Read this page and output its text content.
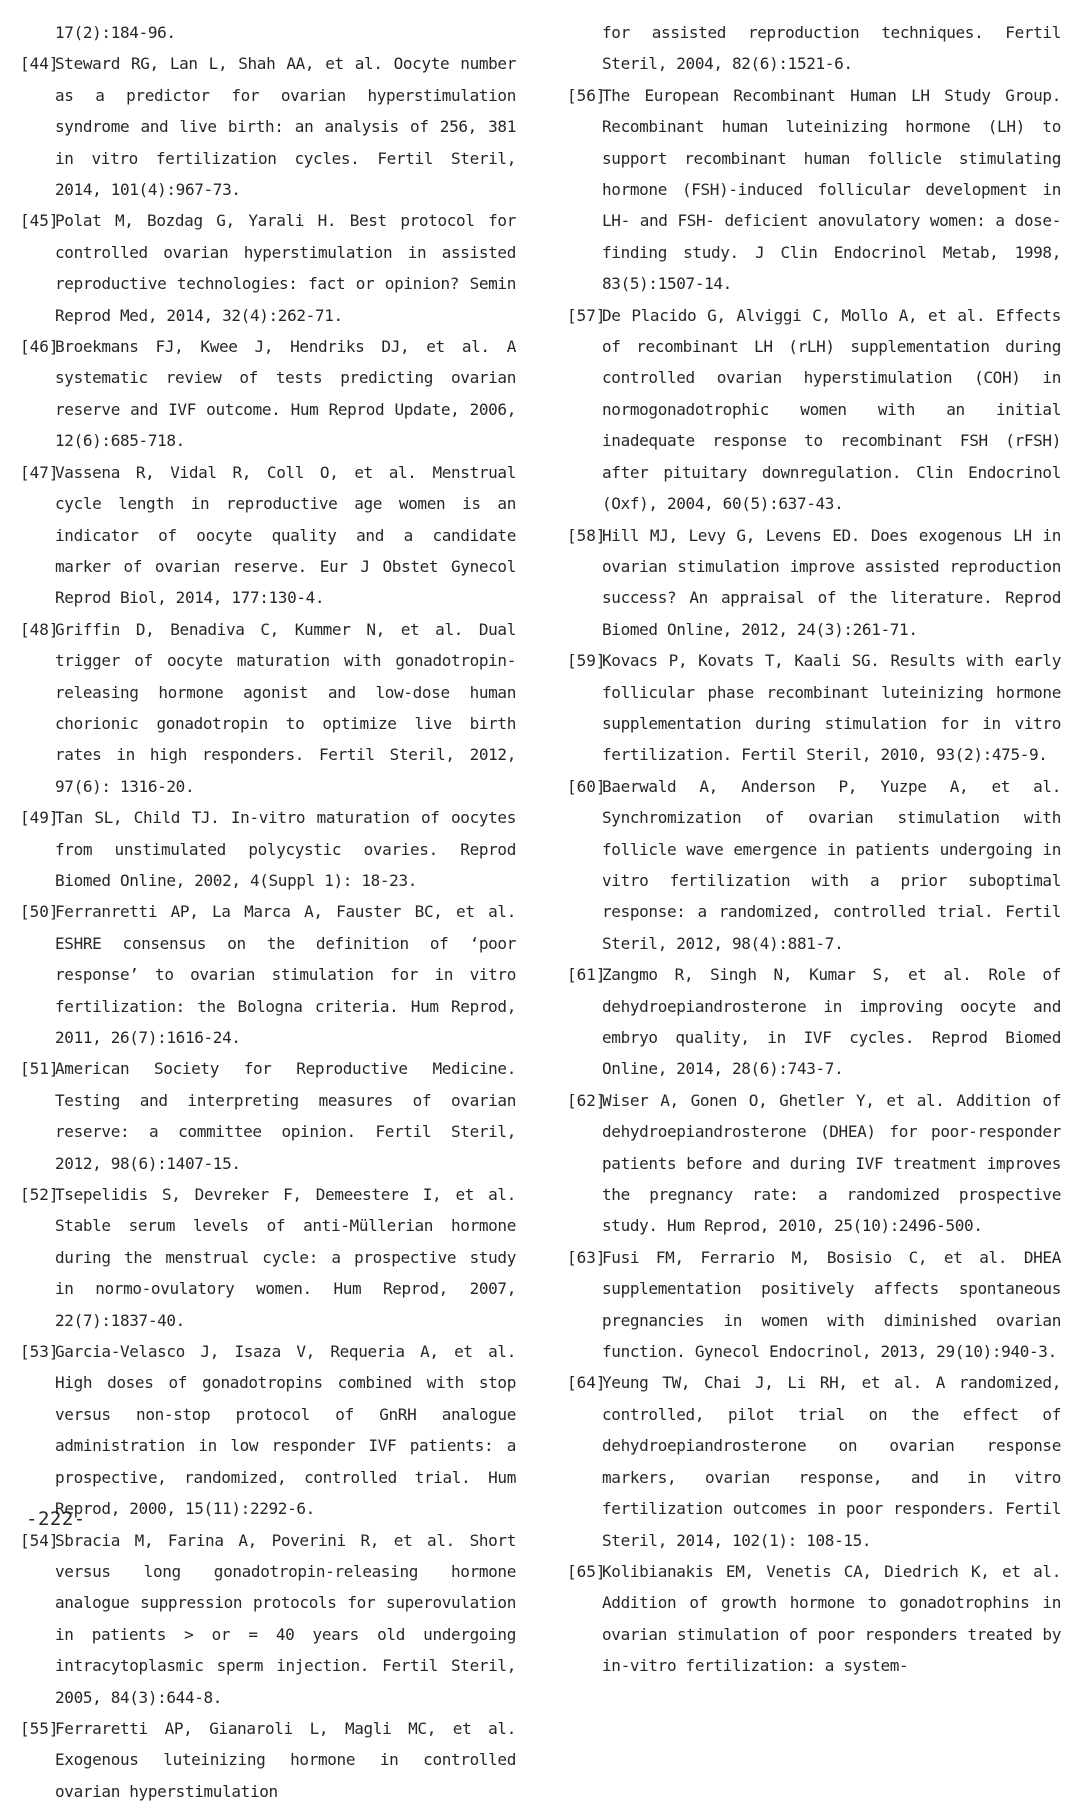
17(2):184-96.
[44]
Steward RG, Lan L, Shah AA, et al. Oocyte number as a predictor for ovarian hyperstimulation syndrome and live birth: an analysis of 256, 381 in vitro fertilization cycles. Fertil Steril, 2014, 101(4):967-73.
[45]
Polat M, Bozdag G, Yarali H. Best protocol for controlled ovarian hyperstimulation in assisted reproductive technologies: fact or opinion? Semin Reprod Med, 2014, 32(4):262-71.
[46]
Broekmans FJ, Kwee J, Hendriks DJ, et al. A systematic review of tests predicting ovarian reserve and IVF outcome. Hum Reprod Update, 2006, 12(6):685-718.
[47]
Vassena R, Vidal R, Coll O, et al. Menstrual cycle length in reproductive age women is an indicator of oocyte quality and a candidate marker of ovarian reserve. Eur J Obstet Gynecol Reprod Biol, 2014, 177:130-4.
[48]
Griffin D, Benadiva C, Kummer N, et al. Dual trigger of oocyte maturation with gonadotropin-releasing hormone agonist and low-dose human chorionic gonadotropin to optimize live birth rates in high responders. Fertil Steril, 2012, 97(6): 1316-20.
[49]
Tan SL, Child TJ. In-vitro maturation of oocytes from unstimulated polycystic ovaries. Reprod Biomed Online, 2002, 4(Suppl 1): 18-23.
[50]
Ferranretti AP, La Marca A, Fauster BC, et al. ESHRE consensus on the definition of ‘poor response’ to ovarian stimulation for in vitro fertilization: the Bologna criteria. Hum Reprod, 2011, 26(7):1616-24.
[51]
American Society for Reproductive Medicine. Testing and interpreting measures of ovarian reserve: a committee opinion. Fertil Steril, 2012, 98(6):1407-15.
[52]
Tsepelidis S, Devreker F, Demeestere I, et al. Stable serum levels of anti-Müllerian hormone during the menstrual cycle: a prospective study in normo-ovulatory women. Hum Reprod, 2007, 22(7):1837-40.
[53]
Garcia-Velasco J, Isaza V, Requeria A, et al. High doses of gonadotropins combined with stop versus non-stop protocol of GnRH analogue administration in low responder IVF patients: a prospective, randomized, controlled trial. Hum Reprod, 2000, 15(11):2292-6.
[54]
Sbracia M, Farina A, Poverini R, et al. Short versus long gonadotropin-releasing hormone analogue suppression protocols for superovulation in patients > or = 40 years old undergoing intracytoplasmic sperm injection. Fertil Steril, 2005, 84(3):644-8.
[55]
Ferraretti AP, Gianaroli L, Magli MC, et al. Exogenous luteinizing hormone in controlled ovarian hyperstimulation
for assisted reproduction techniques. Fertil Steril, 2004, 82(6):1521-6.
[56]
The European Recombinant Human LH Study Group. Recombinant human luteinizing hormone (LH) to support recombinant human follicle stimulating hormone (FSH)-induced follicular development in LH- and FSH- deficient anovulatory women: a dose-finding study. J Clin Endocrinol Metab, 1998, 83(5):1507-14.
[57]
De Placido G, Alviggi C, Mollo A, et al. Effects of recombinant LH (rLH) supplementation during controlled ovarian hyperstimulation (COH) in normogonadotrophic women with an initial inadequate response to recombinant FSH (rFSH) after pituitary downregulation. Clin Endocrinol (Oxf), 2004, 60(5):637-43.
[58]
Hill MJ, Levy G, Levens ED. Does exogenous LH in ovarian stimulation improve assisted reproduction success? An appraisal of the literature. Reprod Biomed Online, 2012, 24(3):261-71.
[59]
Kovacs P, Kovats T, Kaali SG. Results with early follicular phase recombinant luteinizing hormone supplementation during stimulation for in vitro fertilization. Fertil Steril, 2010, 93(2):475-9.
[60]
Baerwald A, Anderson P, Yuzpe A, et al. Synchromization of ovarian stimulation with follicle wave emergence in patients undergoing in vitro fertilization with a prior suboptimal response: a randomized, controlled trial. Fertil Steril, 2012, 98(4):881-7.
[61]
Zangmo R, Singh N, Kumar S, et al. Role of dehydroepiandrosterone in improving oocyte and embryo quality, in IVF cycles. Reprod Biomed Online, 2014, 28(6):743-7.
[62]
Wiser A, Gonen O, Ghetler Y, et al. Addition of dehydroepiandrosterone (DHEA) for poor-responder patients before and during IVF treatment improves the pregnancy rate: a randomized prospective study. Hum Reprod, 2010, 25(10):2496-500.
[63]
Fusi FM, Ferrario M, Bosisio C, et al. DHEA supplementation positively affects spontaneous pregnancies in women with diminished ovarian function. Gynecol Endocrinol, 2013, 29(10):940-3.
[64]
Yeung TW, Chai J, Li RH, et al. A randomized, controlled, pilot trial on the effect of dehydroepiandrosterone on ovarian response markers, ovarian response, and in vitro fertilization outcomes in poor responders. Fertil Steril, 2014, 102(1): 108-15.
[65]
Kolibianakis EM, Venetis CA, Diedrich K, et al. Addition of growth hormone to gonadotrophins in ovarian stimulation of poor responders treated by in-vitro fertilization: a system-
-222-
